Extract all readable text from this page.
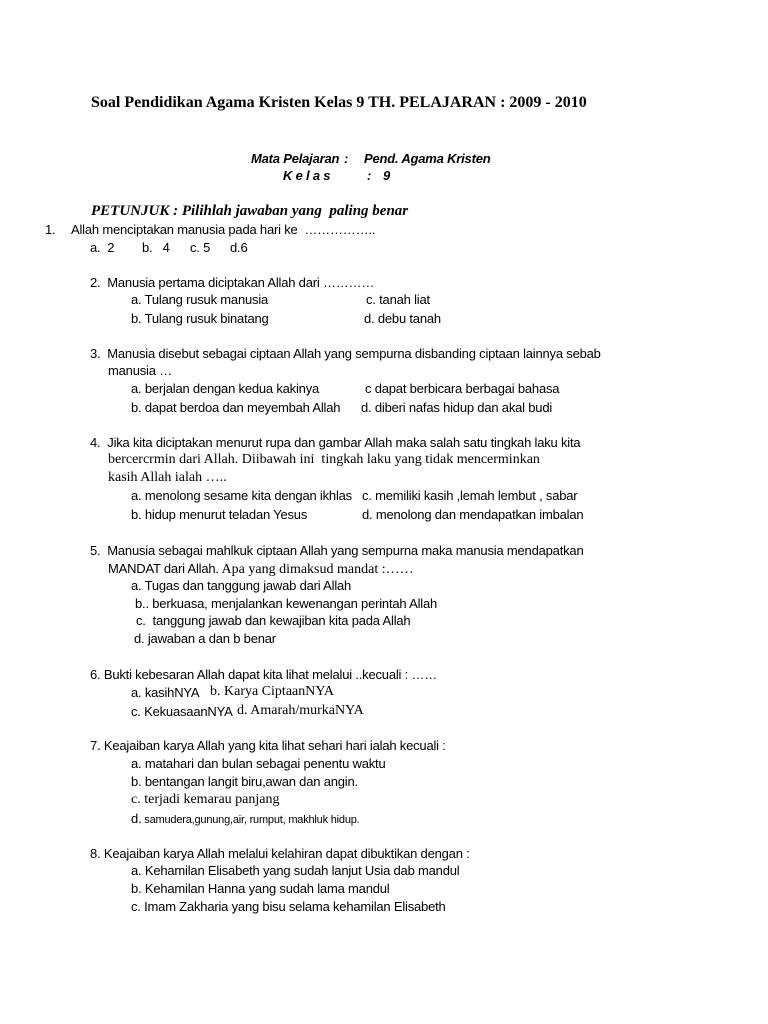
Soal Pendidikan Agama Kristen Kelas 9 TH. PELAJARAN : 2009 - 2010
Mata Pelajaran : Pend. Agama Kristen
K e l a s	: 9
PETUNJUK : Pilihlah jawaban yang  paling benar
1. Allah menciptakan manusia pada hari ke  ……………..
a.  2 b.   4 c. 5 d.6
2.  Manusia pertama diciptakan Allah dari …………
a. Tulang rusuk manusia	c. tanah liat
b. Tulang rusuk binatang	d. debu tanah
3.  Manusia disebut sebagai ciptaan Allah yang sempurna disbanding ciptaan lainnya sebab
manusia …
a. berjalan dengan kedua kakinya	c dapat berbicara berbagai bahasa
b. dapat berdoa dan meyembah Allah d. diberi nafas hidup dan akal budi
4.  Jika kita diciptakan menurut rupa dan gambar Allah maka salah satu tingkah laku kita
bercercrmin dari Allah. Diibawah ini  tingkah laku yang tidak mencerminkan
kasih Allah ialah …..
a. menolong sesame kita dengan ikhlas c. memiliki kasih ,lemah lembut , sabar
b. hidup menurut teladan Yesus	d. menolong dan mendapatkan imbalan
5.  Manusia sebagai mahlkuk ciptaan Allah yang sempurna maka manusia mendapatkan
MANDAT dari Allah. Apa yang dimaksud mandat :……
a. Tugas dan tanggung jawab dari Allah
b.. berkuasa, menjalankan kewenangan perintah Allah
c.  tanggung jawab dan kewajiban kita pada Allah
d. jawaban a dan b benar
6. Bukti kebesaran Allah dapat kita lihat melalui ..kecuali : ……
a. kasihNYA b. Karya CiptaanNYA
c. KekuasaanNYA d. Amarah/murkaNYA
7. Keajaiban karya Allah yang kita lihat sehari hari ialah kecuali :
a. matahari dan bulan sebagai penentu waktu
b. bentangan langit biru,awan dan angin.
c. terjadi kemarau panjang
d. samudera,gunung,air, rumput, makhluk hidup.
8. Keajaiban karya Allah melalui kelahiran dapat dibuktikan dengan :
a. Kehamilan Elisabeth yang sudah lanjut Usia dab mandul
b. Kehamilan Hanna yang sudah lama mandul
c. Imam Zakharia yang bisu selama kehamilan Elisabeth
